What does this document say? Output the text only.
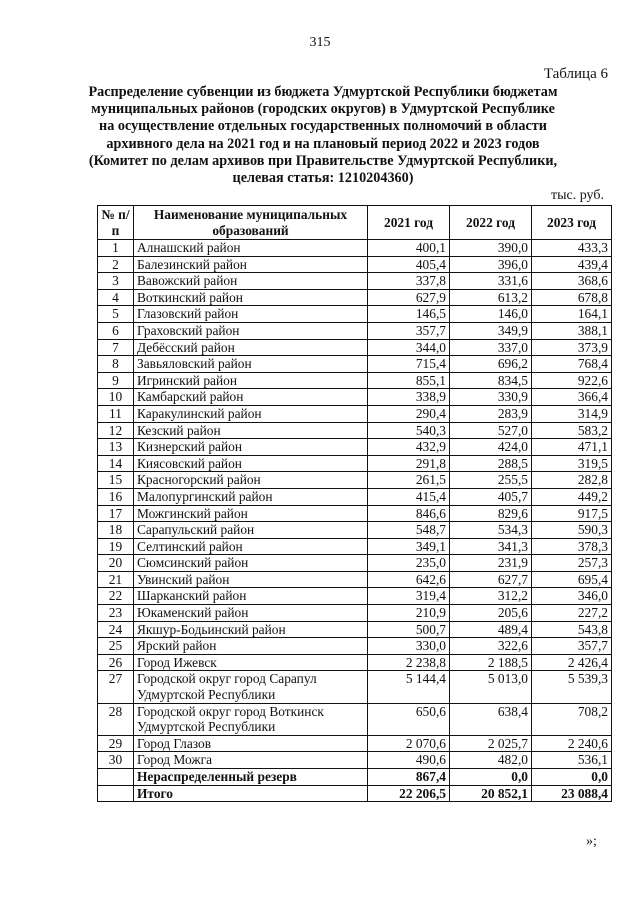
315
Таблица 6
Распределение субвенции из бюджета Удмуртской Республики бюджетам
муниципальных районов (городских округов) в Удмуртской Республике
на осуществление отдельных государственных полномочий в области
архивного дела на 2021 год и на плановый период 2022 и 2023 годов
(Комитет по делам архивов при Правительстве Удмуртской Республики,
целевая статья: 1210204360)
тыс. руб.
№ п/п	Наименование муниципальных образований	2021 год	2022 год	2023 год
1	Алнашский район	400,1	390,0	433,3
2	Балезинский район	405,4	396,0	439,4
3	Вавожский район	337,8	331,6	368,6
4	Воткинский район	627,9	613,2	678,8
5	Глазовский район	146,5	146,0	164,1
6	Граховский район	357,7	349,9	388,1
7	Дебёсский район	344,0	337,0	373,9
8	Завьяловский район	715,4	696,2	768,4
9	Игринский район	855,1	834,5	922,6
10	Камбарский район	338,9	330,9	366,4
11	Каракулинский район	290,4	283,9	314,9
12	Кезский район	540,3	527,0	583,2
13	Кизнерский район	432,9	424,0	471,1
14	Киясовский район	291,8	288,5	319,5
15	Красногорский район	261,5	255,5	282,8
16	Малопургинский район	415,4	405,7	449,2
17	Можгинский район	846,6	829,6	917,5
18	Сарапульский район	548,7	534,3	590,3
19	Селтинский район	349,1	341,3	378,3
20	Сюмсинский район	235,0	231,9	257,3
21	Увинский район	642,6	627,7	695,4
22	Шарканский район	319,4	312,2	346,0
23	Юкаменский район	210,9	205,6	227,2
24	Якшур-Бодьинский район	500,7	489,4	543,8
25	Ярский район	330,0	322,6	357,7
26	Город Ижевск	2 238,8	2 188,5	2 426,4
27	Городской округ город Сарапул Удмуртской Республики	5 144,4	5 013,0	5 539,3
28	Городской округ город Воткинск Удмуртской Республики	650,6	638,4	708,2
29	Город Глазов	2 070,6	2 025,7	2 240,6
30	Город Можга	490,6	482,0	536,1
	Нераспределенный резерв	867,4	0,0	0,0
	Итого	22 206,5	20 852,1	23 088,4
»;
